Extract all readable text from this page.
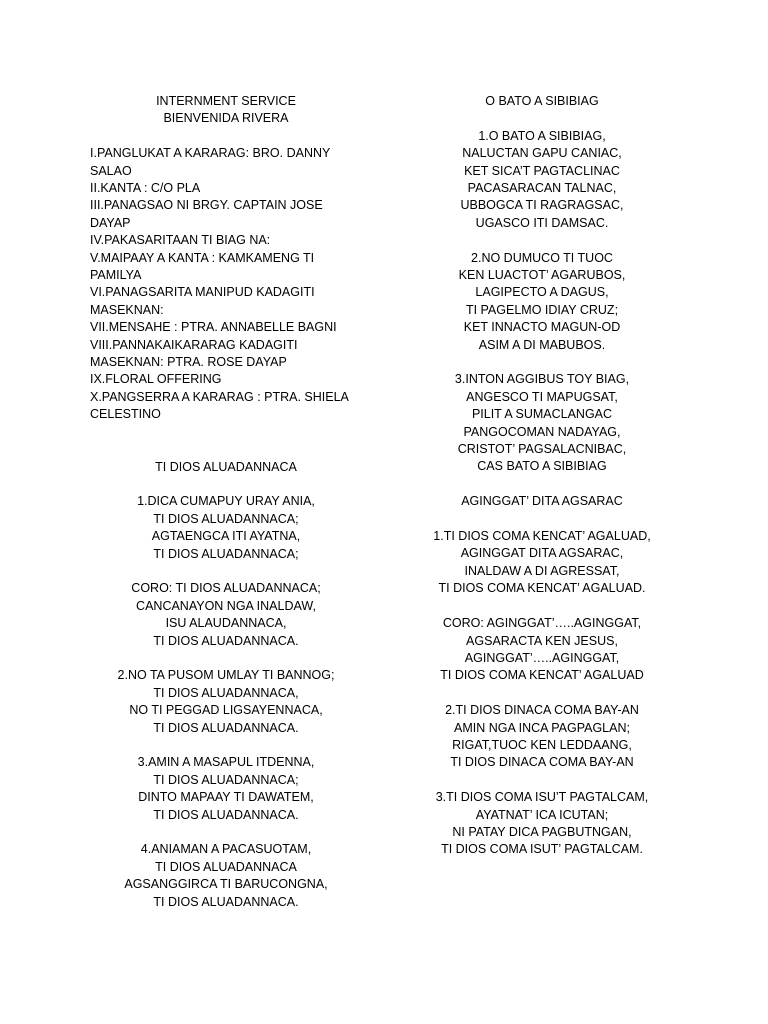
INTERNMENT SERVICE
BIENVENIDA RIVERA
I.PANGLUKAT A KARARAG: BRO. DANNY SALAO
II.KANTA : C/O PLA
III.PANAGSAO NI BRGY. CAPTAIN JOSE DAYAP
IV.PAKASARITAAN TI BIAG NA:
V.MAIPAAY A KANTA : KAMKAMENG TI PAMILYA
VI.PANAGSARITA MANIPUD KADAGITI MASEKNAN:
VII.MENSAHE : PTRA. ANNABELLE BAGNI
VIII.PANNAKAIKARARAG KADAGITI MASEKNAN: PTRA. ROSE DAYAP
IX.FLORAL OFFERING
X.PANGSERRA A KARARAG : PTRA. SHIELA CELESTINO
TI DIOS ALUADANNACA
1.DICA CUMAPUY URAY ANIA,
TI DIOS ALUADANNACA;
AGTAENGCA ITI AYATNA,
TI DIOS ALUADANNACA;
CORO: TI DIOS ALUADANNACA;
CANCANAYON NGA INALDAW,
ISU ALAUDANNACA,
TI DIOS ALUADANNACA.
2.NO TA PUSOM UMLAY TI BANNOG;
TI DIOS ALUADANNACA,
NO TI PEGGAD LIGSAYENNACA,
TI DIOS ALUADANNACA.
3.AMIN A MASAPUL ITDENNA,
TI DIOS ALUADANNACA;
DINTO MAPAAY TI DAWATEM,
TI DIOS ALUADANNACA.
4.ANIAMAN A PACASUOTAM,
TI DIOS ALUADANNACA
AGSANGGIRCA TI BARUCONGNA,
TI DIOS ALUADANNACA.
O BATO A SIBIBIAG
1.O BATO A SIBIBIAG,
NALUCTAN GAPU CANIAC,
KET SICA’T PAGTACLINAC
PACASARACAN TALNAC,
UBBOGCA TI RAGRAGSAC,
UGASCO ITI DAMSAC.
2.NO DUMUCO TI TUOC
KEN LUACTOT’ AGARUBOS,
LAGIPECTO A DAGUS,
TI PAGELMO IDIAY CRUZ;
KET INNACTO MAGUN-OD
ASIM A DI MABUBOS.
3.INTON AGGIBUS TOY BIAG,
ANGESCO TI MAPUGSAT,
PILIT A SUMACLANGAC
PANGOCOMAN NADAYAG,
CRISTOT’ PAGSALACNIBAC,
CAS BATO A SIBIBIAG
AGINGGAT’ DITA AGSARAC
1.TI DIOS COMA KENCAT’ AGALUAD,
AGINGGAT DITA AGSARAC,
INALDAW A DI AGRESSAT,
TI DIOS COMA KENCAT’ AGALUAD.
CORO: AGINGGAT’…..AGINGGAT,
AGSARACTA KEN JESUS,
AGINGGAT’…..AGINGGAT,
TI DIOS COMA KENCAT’ AGALUAD
2.TI DIOS DINACA COMA BAY-AN
AMIN NGA INCA PAGPAGLAN;
RIGAT,TUOC KEN LEDDAANG,
TI DIOS DINACA COMA BAY-AN
3.TI DIOS COMA ISU’T PAGTALCAM,
AYATNAT’ ICA ICUTAN;
NI PATAY DICA PAGBUTNGAN,
TI DIOS COMA ISUT’ PAGTALCAM.
